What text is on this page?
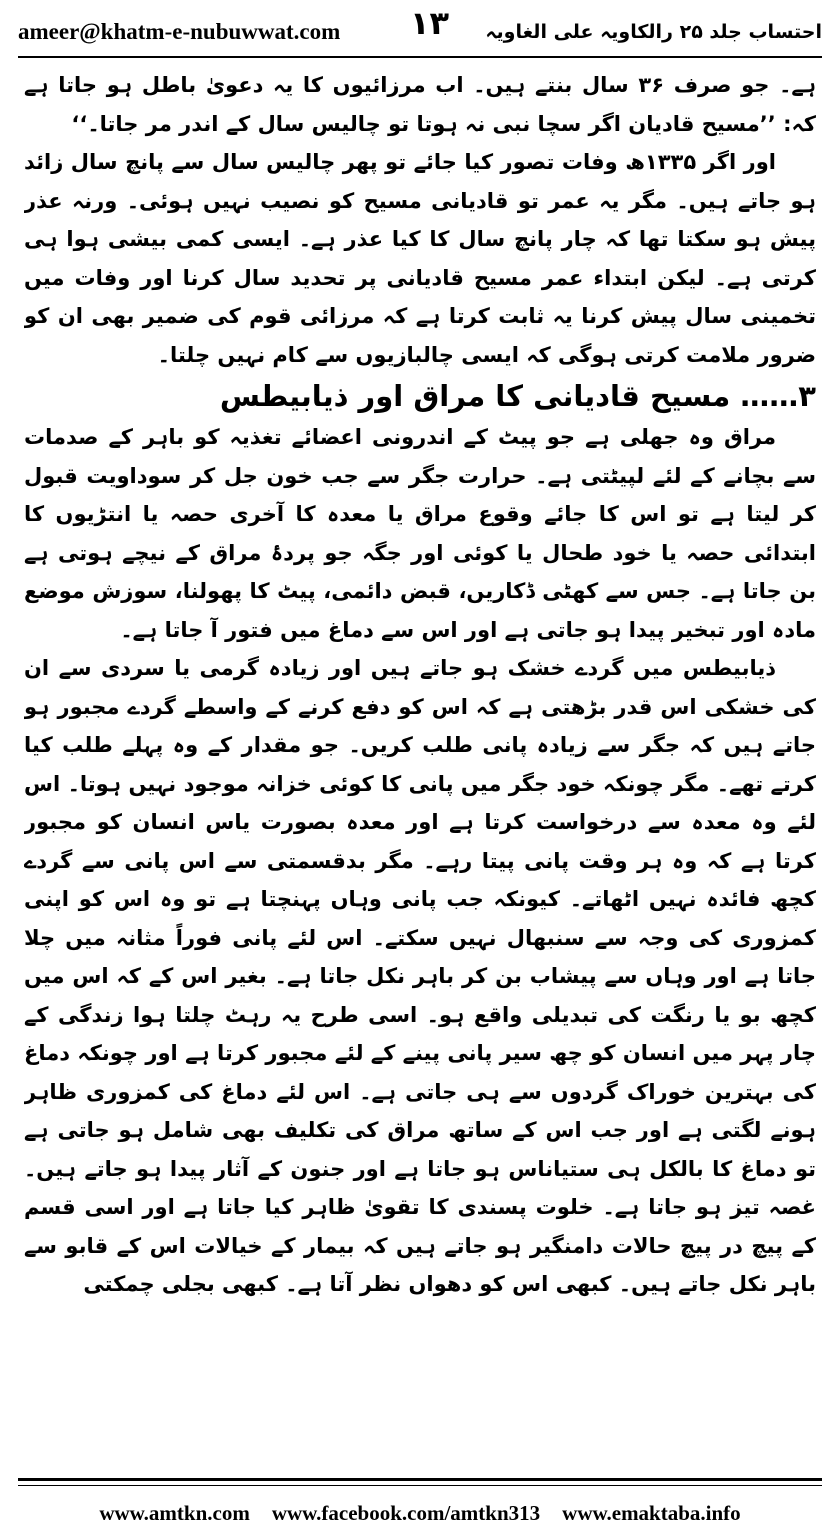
ameer@khatm-e-nubuwwat.com	احتساب جلد ۲۵ رالکاویہ علی الغاویہ
۱۳

ہے۔ جو صرف ۳۶ سال بنتے ہیں۔ اب مرزائیوں کا یہ دعویٰ باطل ہو جاتا ہے کہ: ’’مسیح قادیان اگر سچا نبی نہ ہوتا تو چالیس سال کے اندر مر جاتا۔‘‘

اور اگر ۱۳۳۵ھ وفات تصور کیا جائے تو پھر چالیس سال سے پانچ سال زائد ہو جاتے ہیں۔ مگر یہ عمر تو قادیانی مسیح کو نصیب نہیں ہوئی۔ ورنہ عذر پیش ہو سکتا تھا کہ چار پانچ سال کا کیا عذر ہے۔ ایسی کمی بیشی ہوا ہی کرتی ہے۔ لیکن ابتداء عمر مسیح قادیانی پر تحدید سال کرنا اور وفات میں تخمینی سال پیش کرنا یہ ثابت کرتا ہے کہ مرزائی قوم کی ضمیر بھی ان کو ضرور ملامت کرتی ہوگی کہ ایسی چالبازیوں سے کام نہیں چلتا۔

۳…… مسیح قادیانی کا مراق اور ذیابیطس

مراق وہ جھلی ہے جو پیٹ کے اندرونی اعضائے تغذیہ کو باہر کے صدمات سے بچانے کے لئے لپیٹتی ہے۔ حرارت جگر سے جب خون جل کر سوداویت قبول کر لیتا ہے تو اس کا جائے وقوع مراق یا معدہ کا آخری حصہ یا انتڑیوں کا ابتدائی حصہ یا خود طحال یا کوئی اور جگہ جو پردۂ مراق کے نیچے ہوتی ہے بن جاتا ہے۔ جس سے کھٹی ڈکاریں، قبض دائمی، پیٹ کا پھولنا، سوزش موضع مادہ اور تبخیر پیدا ہو جاتی ہے اور اس سے دماغ میں فتور آ جاتا ہے۔

ذیابیطس میں گردے خشک ہو جاتے ہیں اور زیادہ گرمی یا سردی سے ان کی خشکی اس قدر بڑھتی ہے کہ اس کو دفع کرنے کے واسطے گردے مجبور ہو جاتے ہیں کہ جگر سے زیادہ پانی طلب کریں۔ جو مقدار کے وہ پہلے طلب کیا کرتے تھے۔ مگر چونکہ خود جگر میں پانی کا کوئی خزانہ موجود نہیں ہوتا۔ اس لئے وہ معدہ سے درخواست کرتا ہے اور معدہ بصورت یاس انسان کو مجبور کرتا ہے کہ وہ ہر وقت پانی پیتا رہے۔ مگر بدقسمتی سے اس پانی سے گردے کچھ فائدہ نہیں اٹھاتے۔ کیونکہ جب پانی وہاں پہنچتا ہے تو وہ اس کو اپنی کمزوری کی وجہ سے سنبھال نہیں سکتے۔ اس لئے پانی فوراً مثانہ میں چلا جاتا ہے اور وہاں سے پیشاب بن کر باہر نکل جاتا ہے۔ بغیر اس کے کہ اس میں کچھ بو یا رنگت کی تبدیلی واقع ہو۔ اسی طرح یہ رہٹ چلتا ہوا زندگی کے چار پہر میں انسان کو چھ سیر پانی پینے کے لئے مجبور کرتا ہے اور چونکہ دماغ کی بہترین خوراک گردوں سے ہی جاتی ہے۔ اس لئے دماغ کی کمزوری ظاہر ہونے لگتی ہے اور جب اس کے ساتھ مراق کی تکلیف بھی شامل ہو جاتی ہے تو دماغ کا بالکل ہی ستیاناس ہو جاتا ہے اور جنون کے آثار پیدا ہو جاتے ہیں۔ غصہ تیز ہو جاتا ہے۔ خلوت پسندی کا تقویٰ ظاہر کیا جاتا ہے اور اسی قسم کے پیچ در پیچ حالات دامنگیر ہو جاتے ہیں کہ بیمار کے خیالات اس کے قابو سے باہر نکل جاتے ہیں۔ کبھی اس کو دھواں نظر آتا ہے۔ کبھی بجلی چمکتی

www.amtkn.com www.facebook.com/amtkn313 www.emaktaba.info
